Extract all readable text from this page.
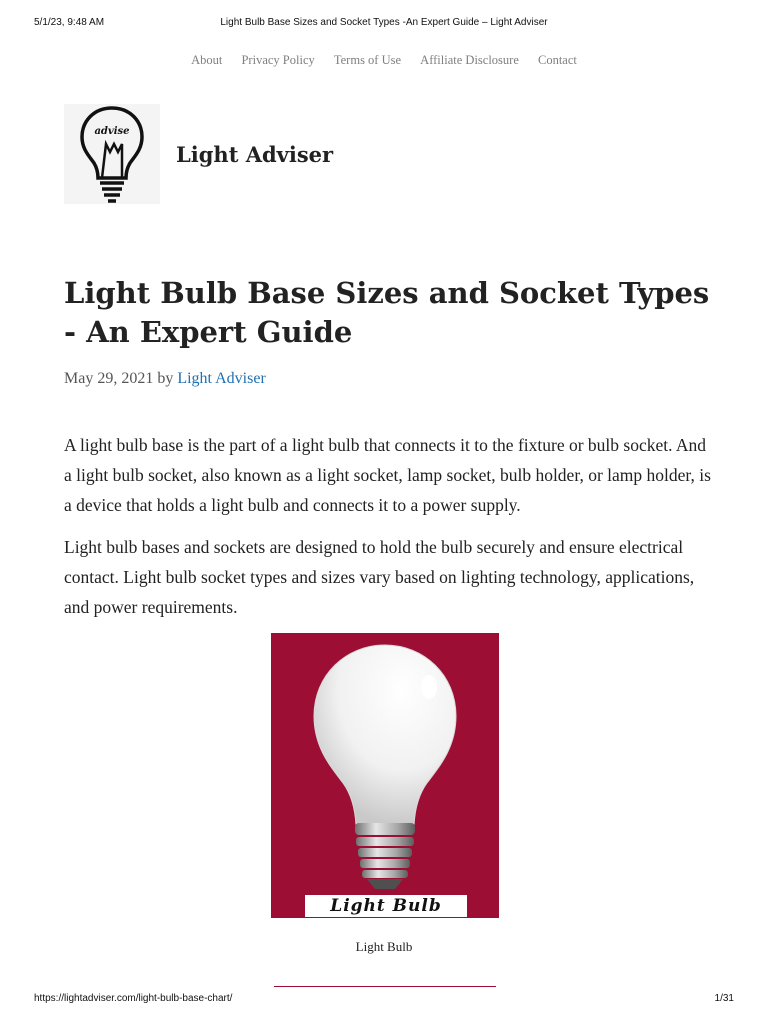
5/1/23, 9:48 AM	Light Bulb Base Sizes and Socket Types -An Expert Guide – Light Adviser
About Privacy Policy Terms of Use Affiliate Disclosure Contact
advise
Light Adviser
Light Bulb Base Sizes and Socket Types - An Expert Guide
May 29, 2021 by Light Adviser

A light bulb base is the part of a light bulb that connects it to the fixture or bulb socket. And a light bulb socket, also known as a light socket, lamp socket, bulb holder, or lamp holder, is a device that holds a light bulb and connects it to a power supply.

Light bulb bases and sockets are designed to hold the bulb securely and ensure electrical contact. Light bulb socket types and sizes vary based on lighting technology, applications, and power requirements.

Light Bulb
Light Bulb
https://lightadviser.com/light-bulb-base-chart/	1/31
